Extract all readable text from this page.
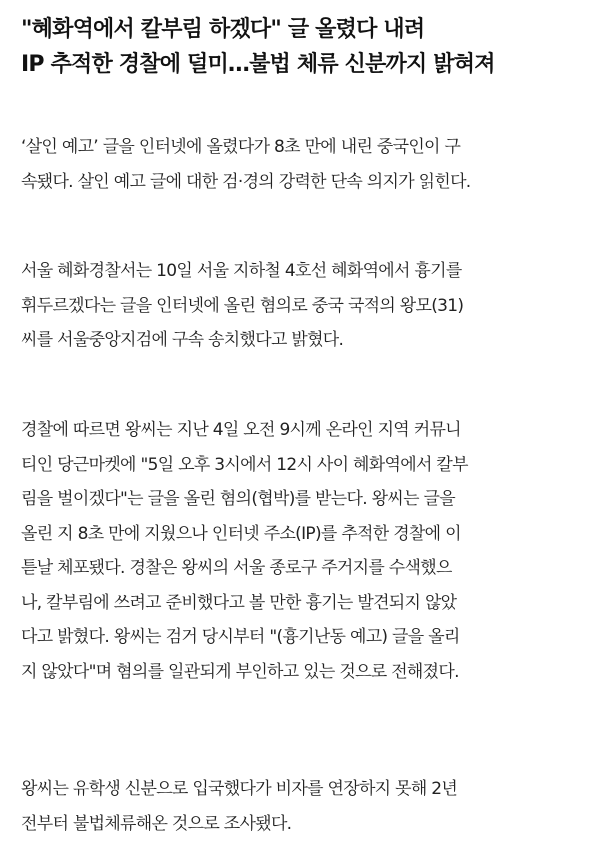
"혜화역에서 칼부림 하겠다" 글 올렸다 내려
IP 추적한 경찰에 덜미…불법 체류 신분까지 밝혀져

‘살인 예고’ 글을 인터넷에 올렸다가 8초 만에 내린 중국인이 구
속됐다. 살인 예고 글에 대한 검·경의 강력한 단속 의지가 읽힌다.

서울 혜화경찰서는 10일 서울 지하철 4호선 혜화역에서 흉기를
휘두르겠다는 글을 인터넷에 올린 혐의로 중국 국적의 왕모(31)
씨를 서울중앙지검에 구속 송치했다고 밝혔다.

경찰에 따르면 왕씨는 지난 4일 오전 9시께 온라인 지역 커뮤니
티인 당근마켓에 "5일 오후 3시에서 12시 사이 혜화역에서 칼부
림을 벌이겠다"는 글을 올린 혐의(협박)를 받는다. 왕씨는 글을
올린 지 8초 만에 지웠으나 인터넷 주소(IP)를 추적한 경찰에 이
튿날 체포됐다. 경찰은 왕씨의 서울 종로구 주거지를 수색했으
나, 칼부림에 쓰려고 준비했다고 볼 만한 흉기는 발견되지 않았
다고 밝혔다. 왕씨는 검거 당시부터 "(흉기난동 예고) 글을 올리
지 않았다"며 혐의를 일관되게 부인하고 있는 것으로 전해졌다.

왕씨는 유학생 신분으로 입국했다가 비자를 연장하지 못해 2년
전부터 불법체류해온 것으로 조사됐다.
